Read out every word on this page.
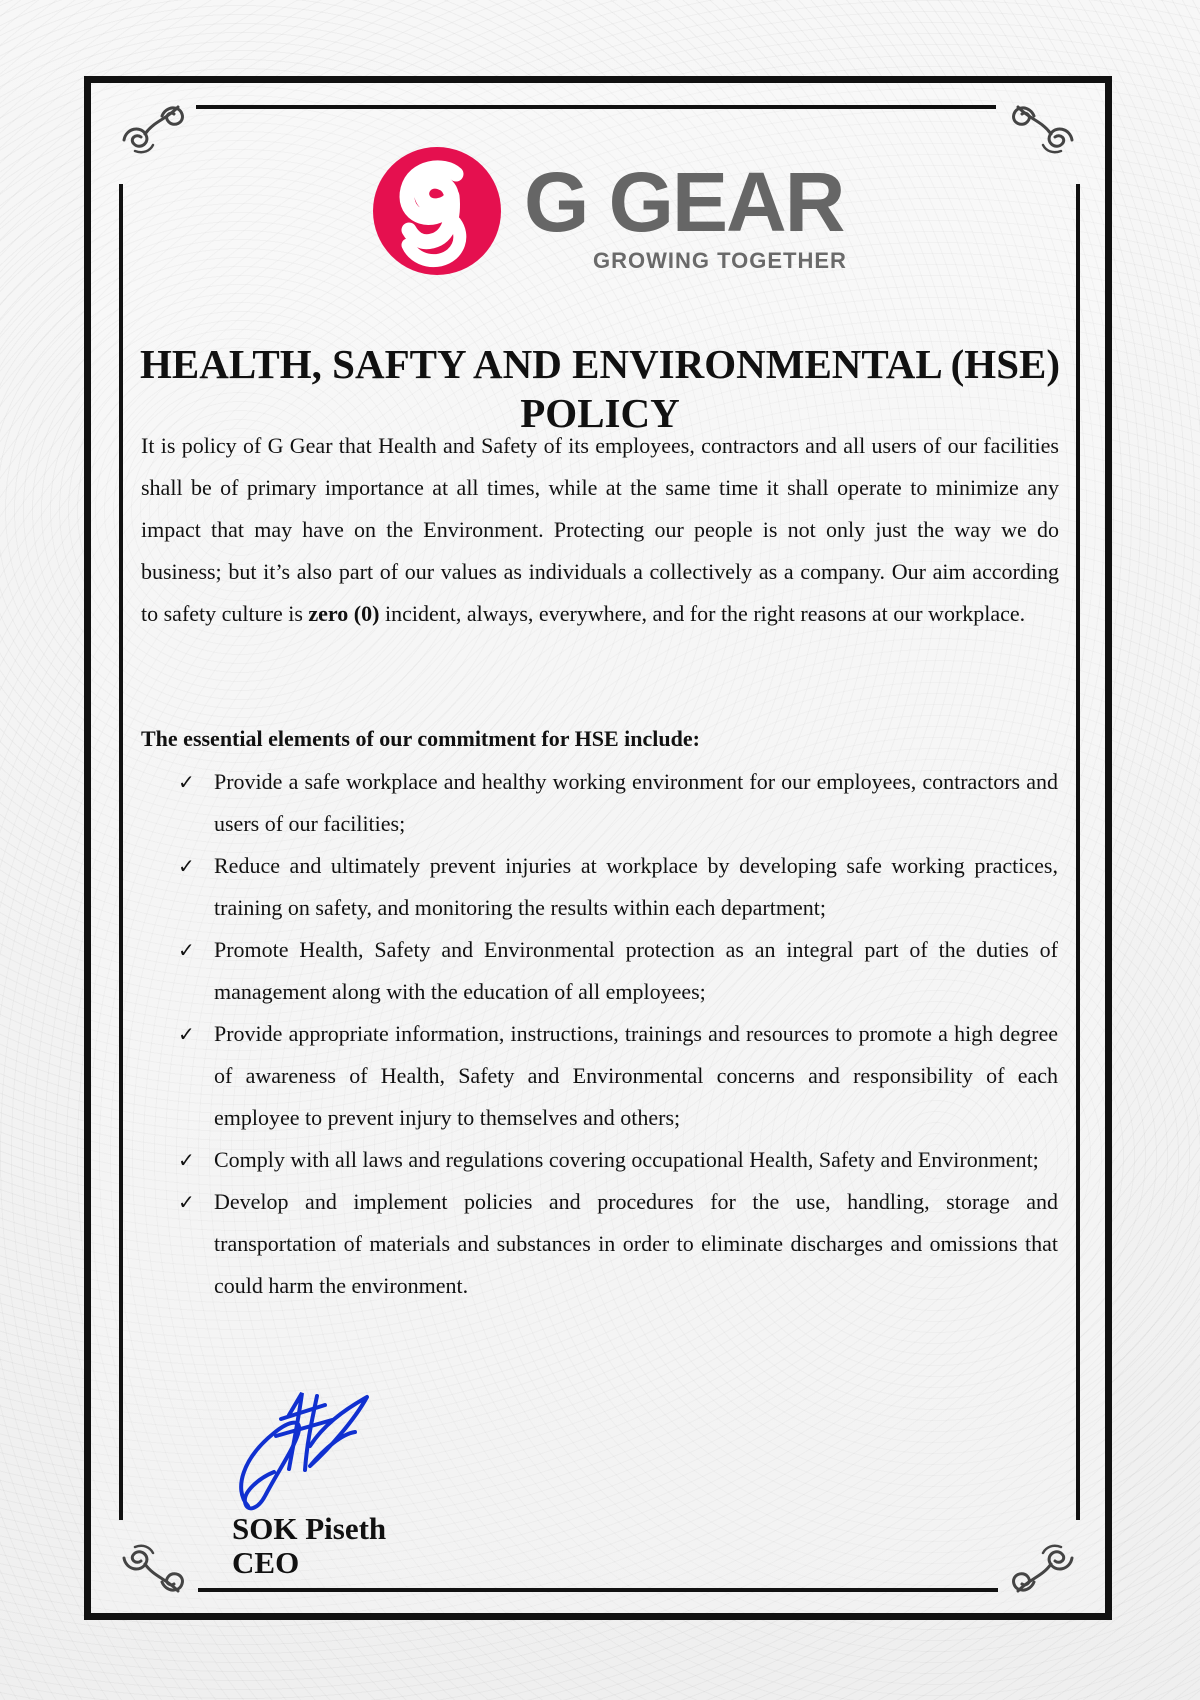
G GEAR
GROWING TOGETHER
HEALTH, SAFTY AND ENVIRONMENTAL (HSE) POLICY

It is policy of G Gear that Health and Safety of its employees, contractors and all users of our facilities shall be of primary importance at all times, while at the same time it shall operate to minimize any impact that may have on the Environment. Protecting our people is not only just the way we do business; but it’s also part of our values as individuals a collectively as a company. Our aim according to safety culture is zero (0) incident, always, everywhere, and for the right reasons at our workplace.

The essential elements of our commitment for HSE include:
✓ Provide a safe workplace and healthy working environment for our employees, contractors and users of our facilities;
✓ Reduce and ultimately prevent injuries at workplace by developing safe working practices, training on safety, and monitoring the results within each department;
✓ Promote Health, Safety and Environmental protection as an integral part of the duties of management along with the education of all employees;
✓ Provide appropriate information, instructions, trainings and resources to promote a high degree of awareness of Health, Safety and Environmental concerns and responsibility of each employee to prevent injury to themselves and others;
✓ Comply with all laws and regulations covering occupational Health, Safety and Environment;
✓ Develop and implement policies and procedures for the use, handling, storage and transportation of materials and substances in order to eliminate discharges and omissions that could harm the environment.
SOK Piseth
CEO
